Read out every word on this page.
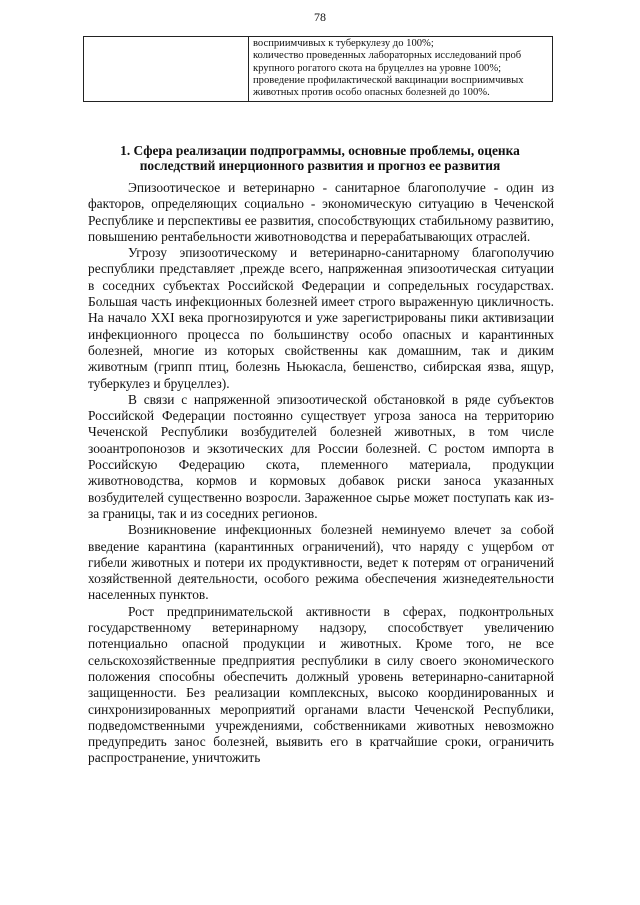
78

восприимчивых к туберкулезу до 100%;
количество проведенных лабораторных исследований проб
крупного рогатого скота на бруцеллез на уровне 100%;
проведение профилактической вакцинации восприимчивых
животных против особо опасных болезней до 100%.
1. Сфера реализации подпрограммы, основные проблемы, оценка
последствий инерционного развития и прогноз ее развития

Эпизоотическое и ветеринарно - санитарное благополучие - один из факторов, определяющих социально - экономическую ситуацию в Чеченской Республике и перспективы ее развития, способствующих стабильному развитию, повышению рентабельности животноводства и перерабатывающих отраслей.

Угрозу эпизоотическому и ветеринарно-санитарному благополучию республики представляет ,прежде всего, напряженная эпизоотическая ситуации в соседних субъектах Российской Федерации и сопредельных государствах. Большая часть инфекционных болезней имеет строго выраженную цикличность. На начало XXI века прогнозируются и уже зарегистрированы пики активизации инфекционного процесса по большинству особо опасных и карантинных болезней, многие из которых свойственны как домашним, так и диким животным (грипп птиц, болезнь Ньюкасла, бешенство, сибирская язва, ящур, туберкулез и бруцеллез).

В связи с напряженной эпизоотической обстановкой в ряде субъектов Российской Федерации постоянно существует угроза заноса на территорию Чеченской Республики возбудителей болезней животных, в том числе зооантропонозов и экзотических для России болезней. С ростом импорта в Российскую Федерацию скота, племенного материала, продукции животноводства, кормов и кормовых добавок риски заноса указанных возбудителей существенно возросли. Зараженное сырье может поступать как из-за границы, так и из соседних регионов.

Возникновение инфекционных болезней неминуемо влечет за собой введение карантина (карантинных ограничений), что наряду с ущербом от гибели животных и потери их продуктивности, ведет к потерям от ограничений хозяйственной деятельности, особого режима обеспечения жизнедеятельности населенных пунктов.

Рост предпринимательской активности в сферах, подконтрольных государственному ветеринарному надзору, способствует увеличению потенциально опасной продукции и животных. Кроме того, не все сельскохозяйственные предприятия республики в силу своего экономического положения способны обеспечить должный уровень ветеринарно-санитарной защищенности. Без реализации комплексных, высоко координированных и синхронизированных мероприятий органами власти Чеченской Республики, подведомственными учреждениями, собственниками животных невозможно предупредить занос болезней, выявить его в кратчайшие сроки, ограничить распространение, уничтожить
